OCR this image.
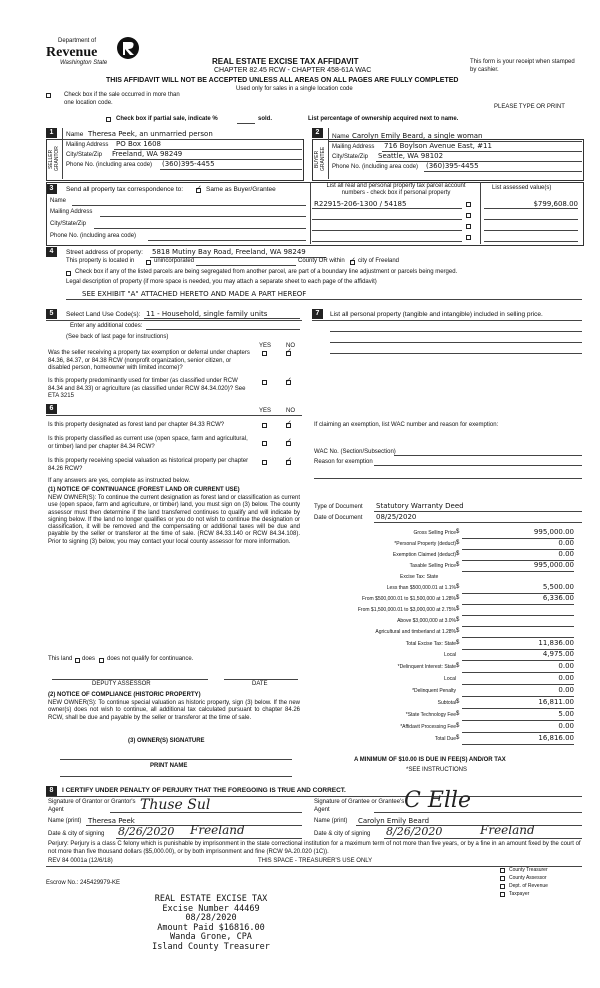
Department of
Revenue
Washington State	REAL ESTATE EXCISE TAX AFFIDAVIT
CHAPTER 82.45 RCW - CHAPTER 458-61A WAC
THIS AFFIDAVIT WILL NOT BE ACCEPTED UNLESS ALL AREAS ON ALL PAGES ARE FULLY COMPLETED
Used only for sales in a single location code
This form is your receipt when stamped by cashier.
Check box if the sale occurred in more than one location code.
PLEASE TYPE OR PRINT
Check box if partial sale, indicate %	sold.	List percentage of ownership acquired next to name.
1
SELLER GRANTOR
Name Theresa Peek, an unmarried person
Mailing Address PO Box 1608
City/State/Zip Freeland, WA 98249
Phone No. (including area code) (360)395-4455
2
BUYER GRANTEE
Name Carolyn Emily Beard, a single woman
Mailing Address 716 Boylson Avenue East, #11
City/State/Zip Seattle, WA 98102
Phone No. (including area code) (360)395-4455
3	Send all property tax correspondence to: ✓	Same as Buyer/Grantee
Name
Mailing Address
City/State/Zip
Phone No. (including area code)
List all real and personal property tax parcel account numbers - check box if personal property
List assessed value(s)
R22915-206-1300 / 54185	$799,608.00
4	Street address of property: 5818 Mutiny Bay Road, Freeland, WA 98249
This property is located in	unincorporated	County OR within ✓ city of Freeland
Check box if any of the listed parcels are being segregated from another parcel, are part of a boundary line adjustment or parcels being merged.
Legal description of property (if more space is needed, you may attach a separate sheet to each page of the affidavit)
SEE EXHIBIT "A" ATTACHED HERETO AND MADE A PART HEREOF
5	Select Land Use Code(s): 11 - Household, single family units
Enter any additional codes:
(See back of last page for instructions)
YES NO
Was the seller receiving a property tax exemption or deferral under chapters 84.36, 84.37, or 84.38 RCW (nonprofit organization, senior citizen, or disabled person, homeowner with limited income)?
✓
Is this property predominantly used for timber (as classified under RCW 84.34 and 84.33) or agriculture (as classified under RCW 84.34.020)? See ETA 3215
✓
6	YES NO
Is this property designated as forest land per chapter 84.33 RCW?
✓
Is this property classified as current use (open space, farm and agricultural, or timber) land per chapter 84.34 RCW?
✓
Is this property receiving special valuation as historical property per chapter 84.26 RCW?
✓
If any answers are yes, complete as instructed below.
(1) NOTICE OF CONTINUANCE (FOREST LAND OR CURRENT USE)
NEW OWNER(S): To continue the current designation as forest land or classification as current use (open space, farm and agriculture, or timber) land, you must sign on (3) below. The county assessor must then determine if the land transferred continues to qualify and will indicate by signing below. If the land no longer qualifies or you do not wish to continue the designation or classification, it will be removed and the compensating or additional taxes will be due and payable by the seller or transferor at the time of sale. (RCW 84.33.140 or RCW 84.34.108). Prior to signing (3) below, you may contact your local county assessor for more information.
This land does does not qualify for continuance.
DEPUTY ASSESSOR	DATE
(2) NOTICE OF COMPLIANCE (HISTORIC PROPERTY)
NEW OWNER(S): To continue special valuation as historic property, sign (3) below. If the new owner(s) does not wish to continue, all additional tax calculated pursuant to chapter 84.26 RCW, shall be due and payable by the seller or transferor at the time of sale.
(3) OWNER(S) SIGNATURE
PRINT NAME
7	List all personal property (tangible and intangible) included in selling price.
If claiming an exemption, list WAC number and reason for exemption:
WAC No. (Section/Subsection)
Reason for exemption
Type of Document Statutory Warranty Deed
Date of Document 08/25/2020
Gross Selling Price $	995,000.00
*Personal Property (deduct) $	0.00
Exemption Claimed (deduct) $	0.00
Taxable Selling Price $	995,000.00
Excise Tax: State
Less than $500,000.01 at 1.1% $	5,500.00
From $500,000.01 to $1,500,000 at 1.28% $	6,336.00
From $1,500,000.01 to $3,000,000 at 2.75% $
Above $3,000,000 at 3.0% $
Agricultural and timberland at 1.28% $
Total Excise Tax: State $	11,836.00
Local	4,975.00
*Delinquent Interest: State $	0.00
Local	0.00
*Delinquent Penalty	0.00
Subtotal $	16,811.00
*State Technology Fee $	5.00
*Affidavit Processing Fee $	0.00
Total Due $	16,816.00
A MINIMUM OF $10.00 IS DUE IN FEE(S) AND/OR TAX
*SEE INSTRUCTIONS
8	I CERTIFY UNDER PENALTY OF PERJURY THAT THE FOREGOING IS TRUE AND CORRECT.
Signature of Grantor or Grantor's Agent	Thuse Sul
Name (print) Theresa Peek
Date & city of signing 8/26/2020 Freeland
Signature of Grantee or Grantee's Agent	C Elle
Name (print) Carolyn Emily Beard
Date & city of signing 8/26/2020	Freeland
Perjury: Perjury is a class C felony which is punishable by imprisonment in the state correctional institution for a maximum term of not more than five years, or by a fine in an amount fixed by the court of not more than five thousand dollars ($5,000.00), or by both imprisonment and fine (RCW 9A.20.020 (1C)).
REV 84 0001a (12/6/18)	THIS SPACE - TREASURER'S USE ONLY
County Treasurer
County Assessor
Dept. of Revenue
Taxpayer
Escrow No.: 245429979-KE
REAL ESTATE EXCISE TAX
Excise Number 44469
08/28/2020
Amount Paid $16816.00
Wanda Grone, CPA
Island County Treasurer
